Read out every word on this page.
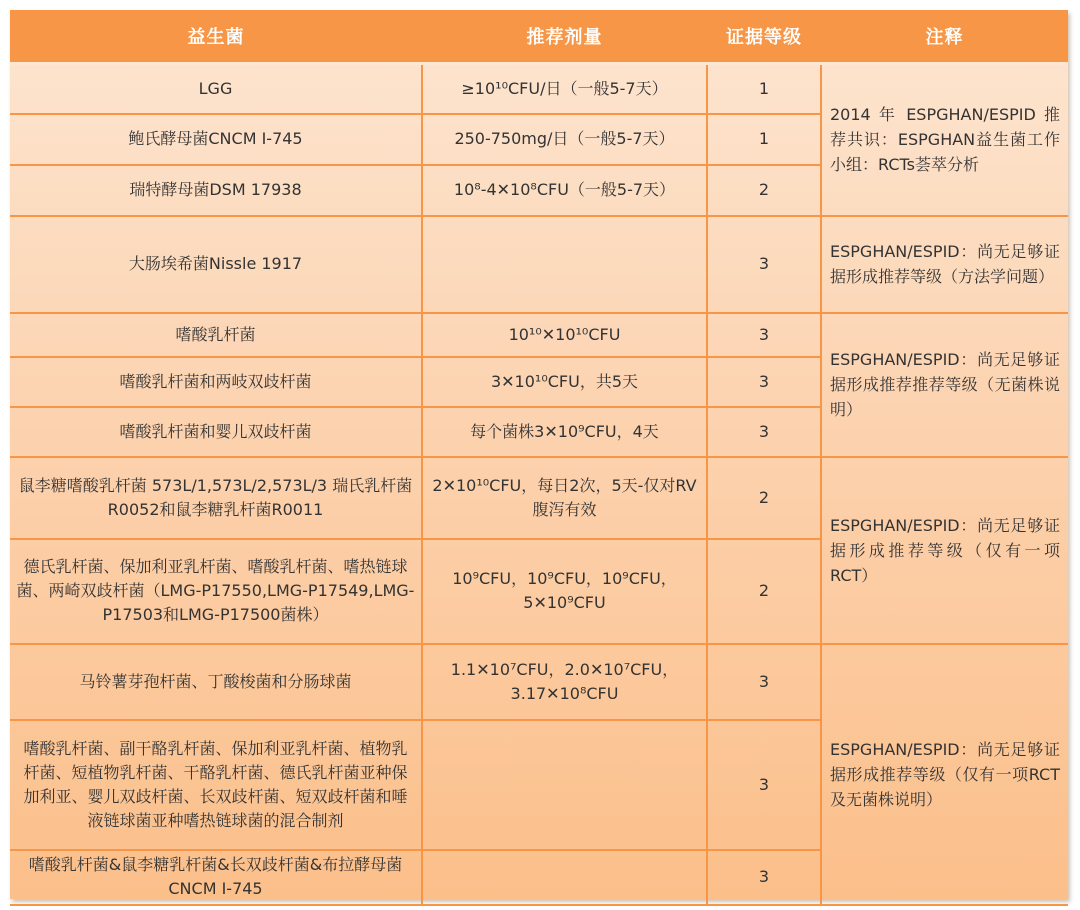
益生菌	推荐剂量	证据等级	注释
LGG	≥10¹⁰CFU/日（一般5-7天）	1	2014 年 ESPGHAN/ESPID 推荐共识：ESPGHAN益生菌工作小组：RCTs荟萃分析
鲍氏酵母菌CNCM I-745	250-750mg/日（一般5-7天）	1	
瑞特酵母菌DSM 17938	10⁸-4✕10⁸CFU（一般5-7天）	2	
大肠埃希菌Nissle 1917		3	ESPGHAN/ESPID：尚无足够证据形成推荐等级（方法学问题）
嗜酸乳杆菌	10¹⁰✕10¹⁰CFU	3	ESPGHAN/ESPID：尚无足够证据形成推荐推荐等级（无菌株说明）
嗜酸乳杆菌和两岐双歧杆菌	3✕10¹⁰CFU，共5天	3	
嗜酸乳杆菌和婴儿双歧杆菌	每个菌株3✕10⁹CFU，4天	3	
鼠李糖嗜酸乳杆菌 573L/1,573L/2,573L/3 瑞氏乳杆菌R0052和鼠李糖乳杆菌R0011	2✕10¹⁰CFU，每日2次，5天-仅对RV腹泻有效	2	ESPGHAN/ESPID：尚无足够证据形成推荐等级（仅有一项RCT）
德氏乳杆菌、保加利亚乳杆菌、嗜酸乳杆菌、嗜热链球菌、两崎双歧杆菌（LMG-P17550,LMG-P17549,LMG-P17503和LMG-P17500菌株）	10⁹CFU，10⁹CFU，10⁹CFU，5✕10⁹CFU	2	
马铃薯芽孢杆菌、丁酸梭菌和分肠球菌	1.1✕10⁷CFU，2.0✕10⁷CFU，3.17✕10⁸CFU	3	ESPGHAN/ESPID：尚无足够证据形成推荐等级（仅有一项RCT及无菌株说明）
嗜酸乳杆菌、副干酪乳杆菌、保加利亚乳杆菌、植物乳杆菌、短植物乳杆菌、干酪乳杆菌、德氏乳杆菌亚种保加利亚、婴儿双歧杆菌、长双歧杆菌、短双歧杆菌和唾液链球菌亚种嗜热链球菌的混合制剂		3	
嗜酸乳杆菌&鼠李糖乳杆菌&长双歧杆菌&布拉酵母菌CNCM I-745		3	
